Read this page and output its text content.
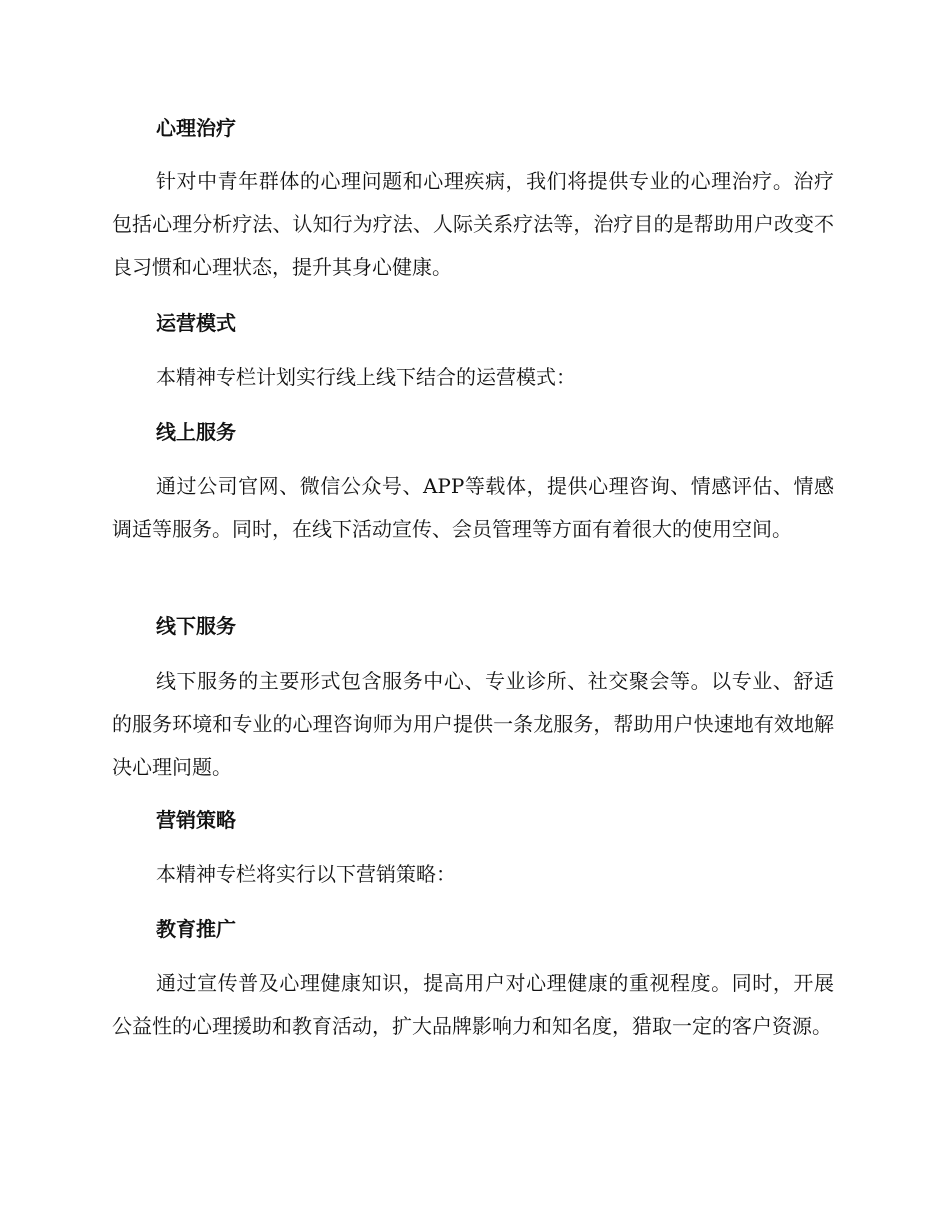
心理治疗

针对中青年群体的心理问题和心理疾病，我们将提供专业的心理治疗。治疗包括心理分析疗法、认知行为疗法、人际关系疗法等，治疗目的是帮助用户改变不良习惯和心理状态，提升其身心健康。

运营模式

本精神专栏计划实行线上线下结合的运营模式：

线上服务

通过公司官网、微信公众号、APP等载体，提供心理咨询、情感评估、情感调适等服务。同时，在线下活动宣传、会员管理等方面有着很大的使用空间。

线下服务

线下服务的主要形式包含服务中心、专业诊所、社交聚会等。以专业、舒适的服务环境和专业的心理咨询师为用户提供一条龙服务，帮助用户快速地有效地解决心理问题。

营销策略

本精神专栏将实行以下营销策略：

教育推广

通过宣传普及心理健康知识，提高用户对心理健康的重视程度。同时，开展公益性的心理援助和教育活动，扩大品牌影响力和知名度，猎取一定的客户资源。
